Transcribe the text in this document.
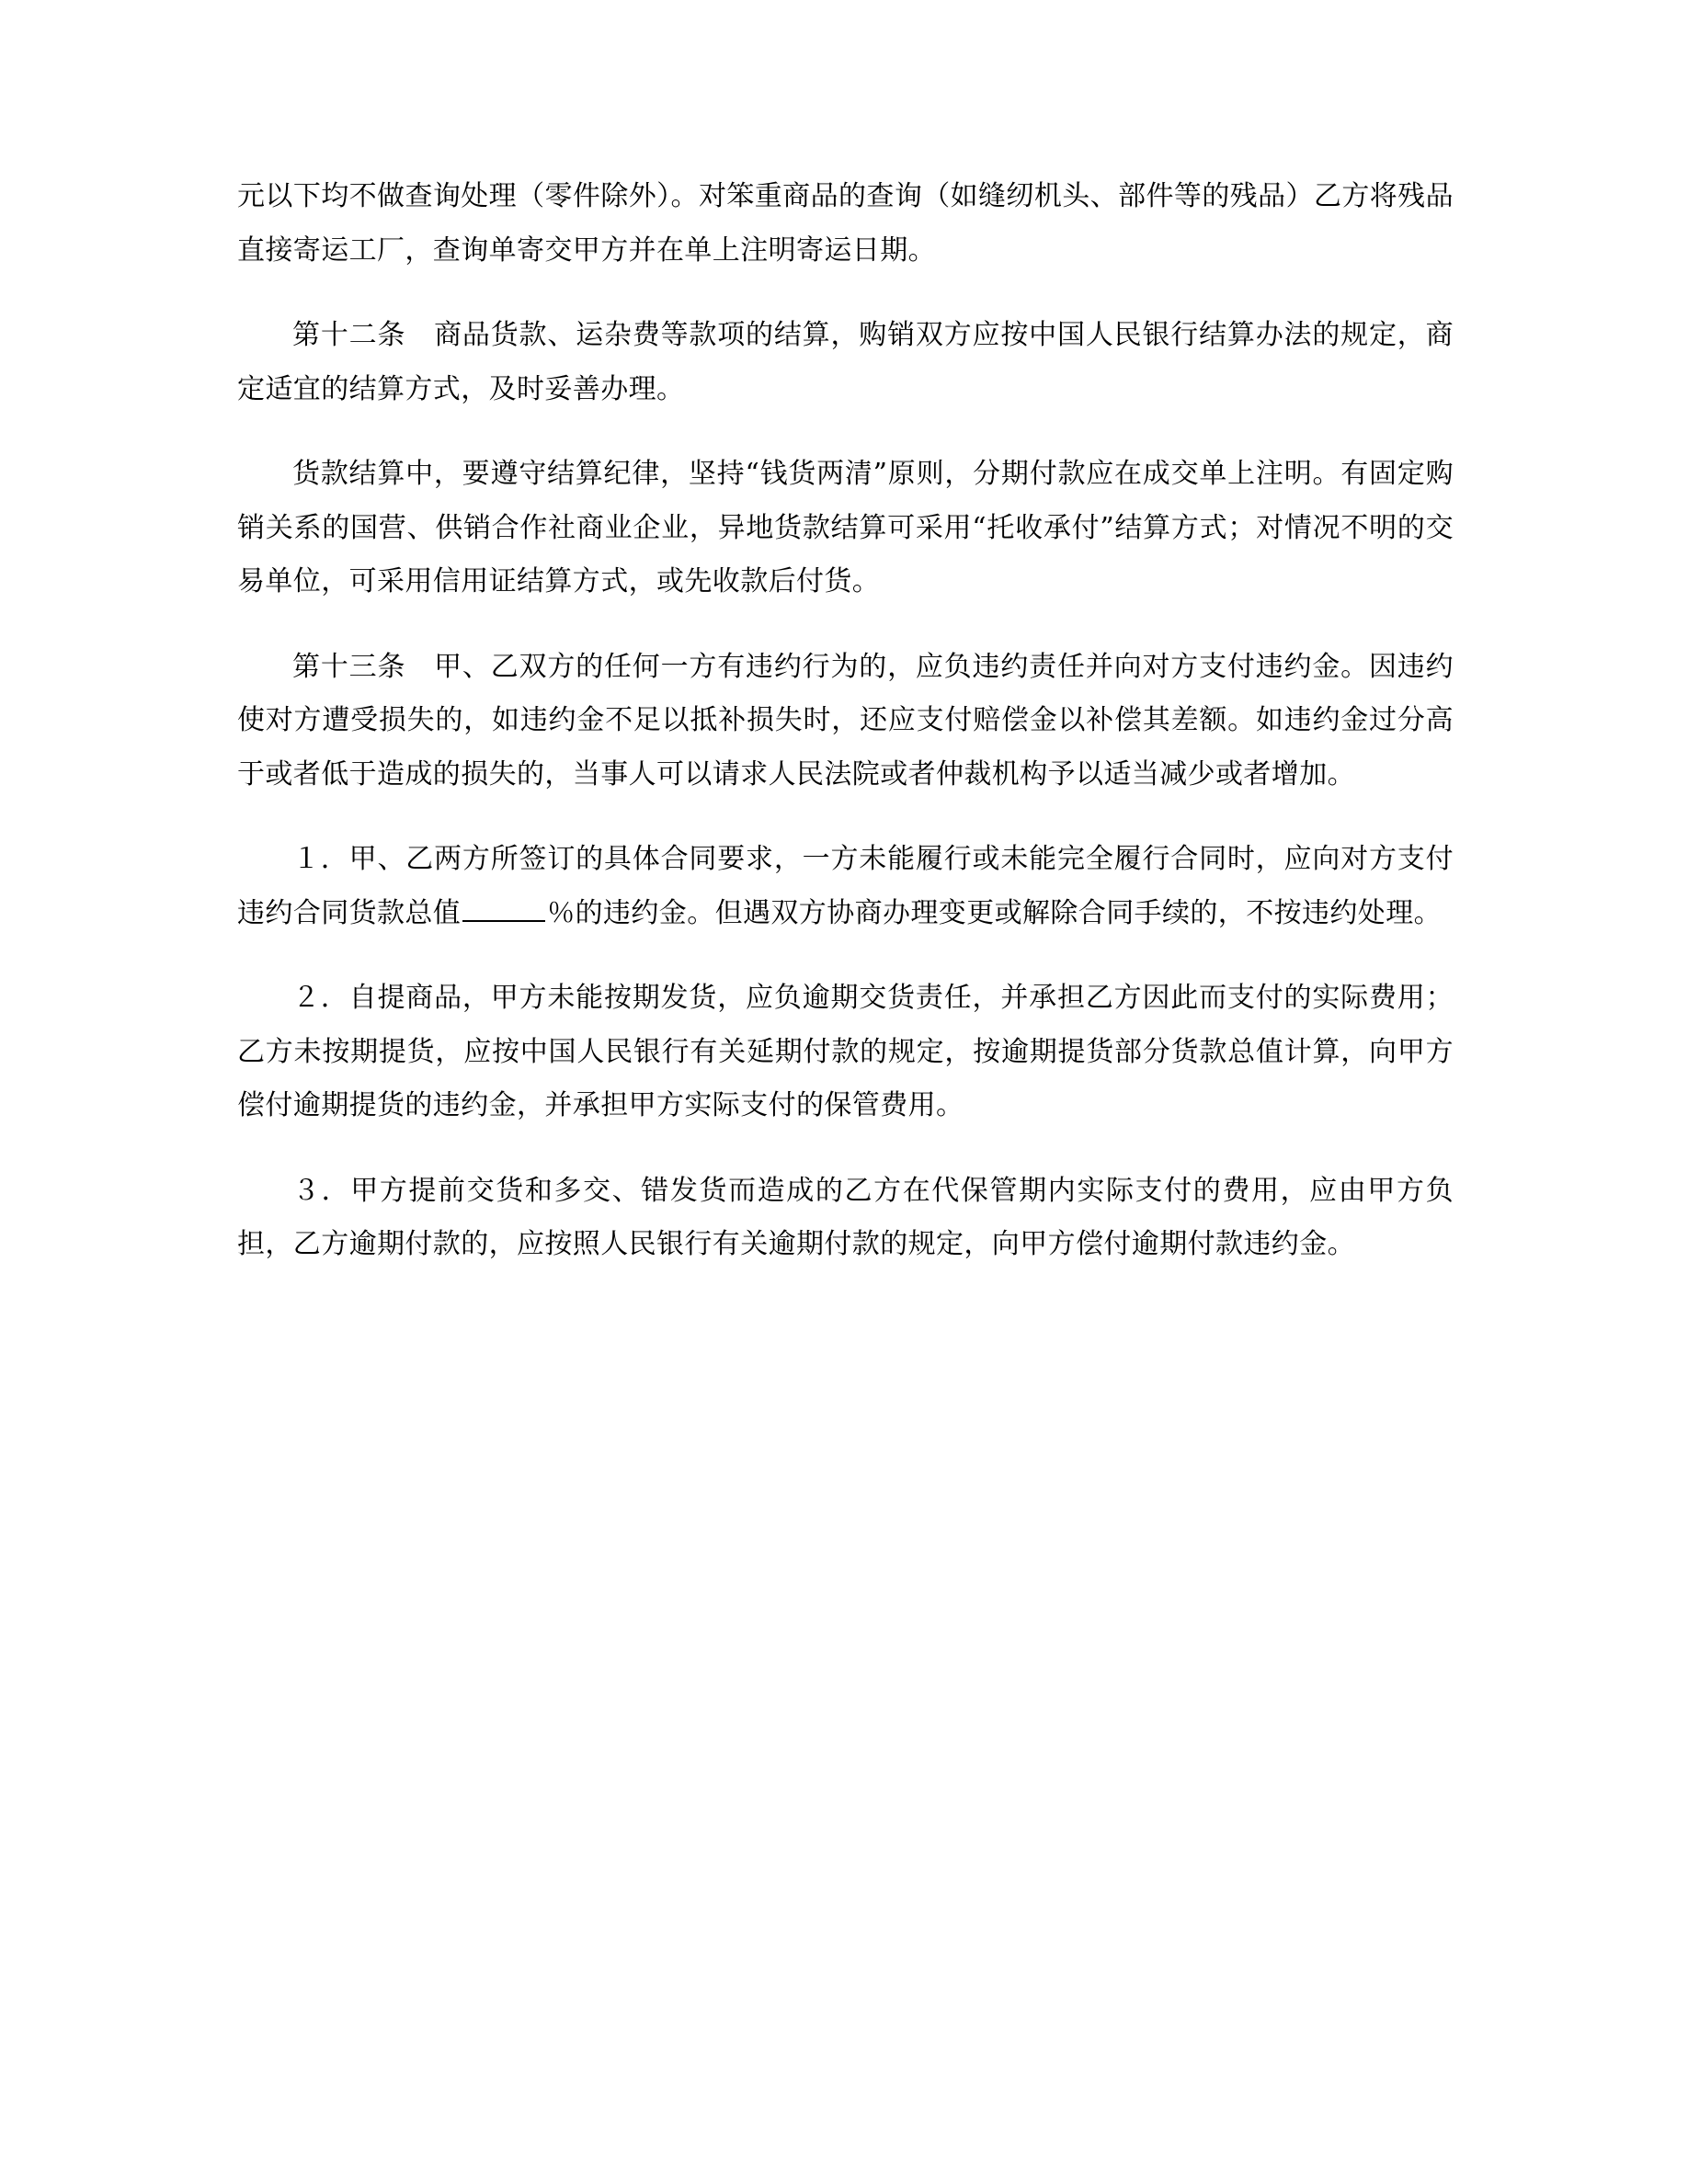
元以下均不做查询处理（零件除外）。对笨重商品的查询（如缝纫机头、部件等的残品）乙方将残品直接寄运工厂，查询单寄交甲方并在单上注明寄运日期。

第十二条　商品货款、运杂费等款项的结算，购销双方应按中国人民银行结算办法的规定，商定适宜的结算方式，及时妥善办理。

货款结算中，要遵守结算纪律，坚持“钱货两清”原则，分期付款应在成交单上注明。有固定购销关系的国营、供销合作社商业企业，异地货款结算可采用“托收承付”结算方式；对情况不明的交易单位，可采用信用证结算方式，或先收款后付货。

第十三条　甲、乙双方的任何一方有违约行为的，应负违约责任并向对方支付违约金。因违约使对方遭受损失的，如违约金不足以抵补损失时，还应支付赔偿金以补偿其差额。如违约金过分高于或者低于造成的损失的，当事人可以请求人民法院或者仲裁机构予以适当减少或者增加。

１．甲、乙两方所签订的具体合同要求，一方未能履行或未能完全履行合同时，应向对方支付违约合同货款总值	％的违约金。但遇双方协商办理变更或解除合同手续的，不按违约处理。

２．自提商品，甲方未能按期发货，应负逾期交货责任，并承担乙方因此而支付的实际费用；乙方未按期提货，应按中国人民银行有关延期付款的规定，按逾期提货部分货款总值计算，向甲方偿付逾期提货的违约金，并承担甲方实际支付的保管费用。

３．甲方提前交货和多交、错发货而造成的乙方在代保管期内实际支付的费用，应由甲方负担，乙方逾期付款的，应按照人民银行有关逾期付款的规定，向甲方偿付逾期付款违约金。
